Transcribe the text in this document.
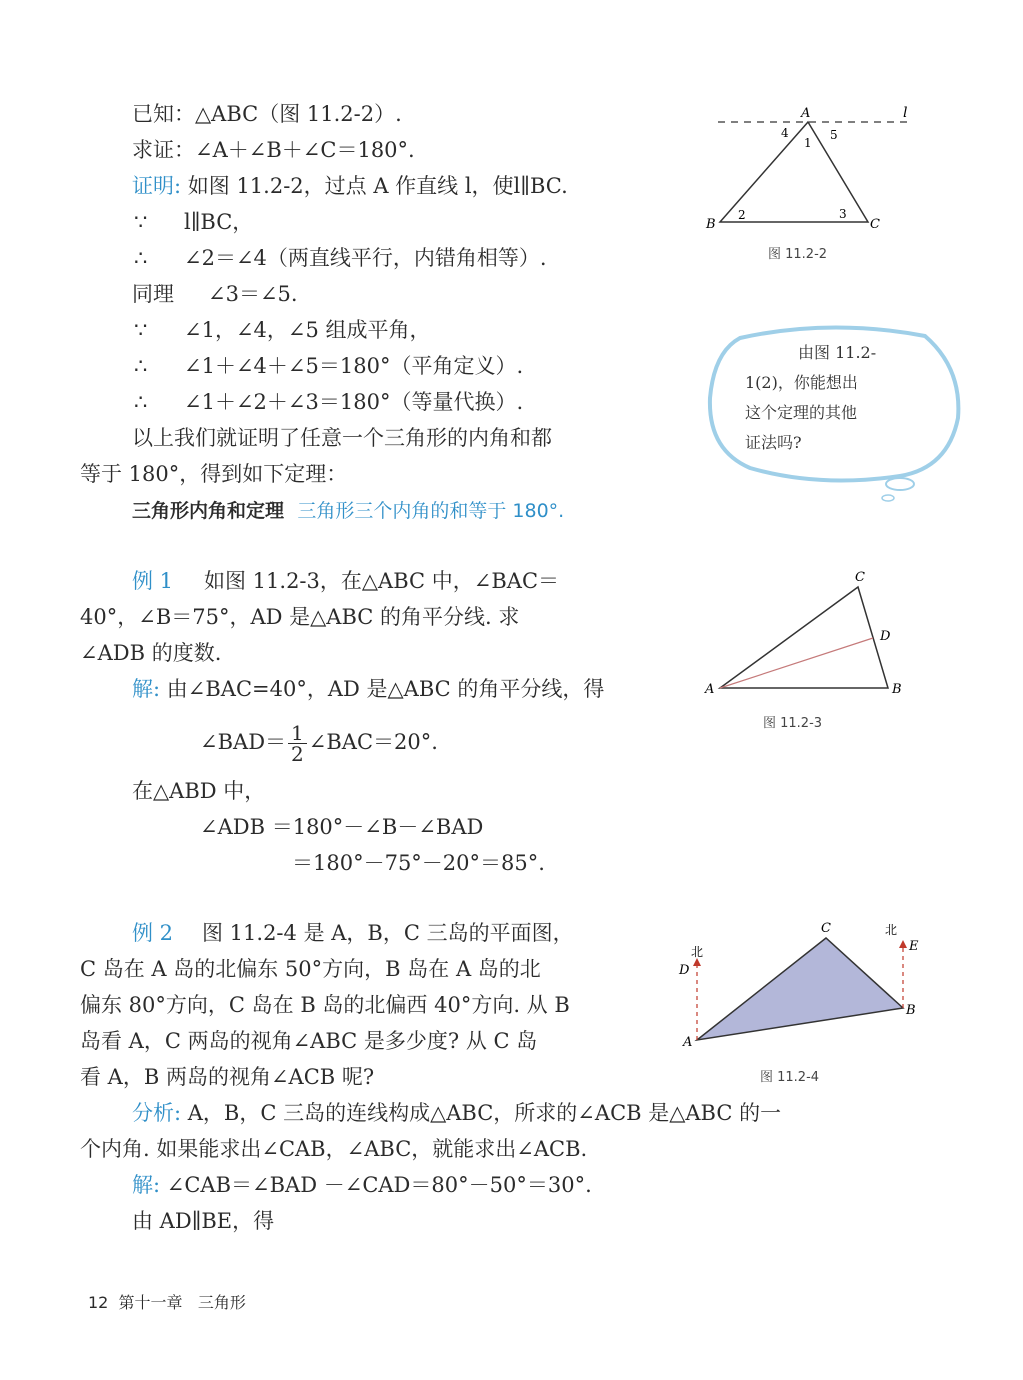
已知：△ABC（图 11.2-2）.
求证：∠A＋∠B＋∠C＝180°.
证明: 如图 11.2-2，过点 A 作直线 l，使l∥BC.
∵ l∥BC，
∴ ∠2＝∠4（两直线平行，内错角相等）.
同理 ∠3＝∠5.
∵ ∠1，∠4，∠5 组成平角，
∴ ∠1＋∠4＋∠5＝180°（平角定义）.
∴ ∠1＋∠2＋∠3＝180°（等量代换）.
以上我们就证明了任意一个三角形的内角和都
等于 180°，得到如下定理：
三角形内角和定理 三角形三个内角的和等于 180°.
A	l
B	C
1
2	3
4	5
图 11.2-2
由图 11.2-
1(2)，你能想出
这个定理的其他
证法吗?
例 1 如图 11.2-3，在△ABC 中，∠BAC＝
40°，∠B＝75°，AD 是△ABC 的角平分线. 求
∠ADB 的度数.
解: 由∠BAC=40°，AD 是△ABC 的角平分线，得
∠BAD＝ $\frac{1}{2}$ ∠BAC＝20°.
在△ABD 中，
∠ADB ＝180°－∠B－∠BAD
＝180°－75°－20°＝85°.
A	B
C
D
图 11.2-3
例 2 图 11.2-4 是 A，B，C 三岛的平面图，
C 岛在 A 岛的北偏东 50°方向，B 岛在 A 岛的北
偏东 80°方向，C 岛在 B 岛的北偏西 40°方向. 从 B
岛看 A，C 两岛的视角∠ABC 是多少度? 从 C 岛
看 A，B 两岛的视角∠ACB 呢?
分析: A，B，C 三岛的连线构成△ABC，所求的∠ACB 是△ABC 的一
个内角. 如果能求出∠CAB，∠ABC，就能求出∠ACB.
解: ∠CAB＝∠BAD －∠CAD＝80°－50°＝30°.
由 AD∥BE，得
A
B
C
D
E
北
北
图 11.2-4
12 第十一章 三角形
